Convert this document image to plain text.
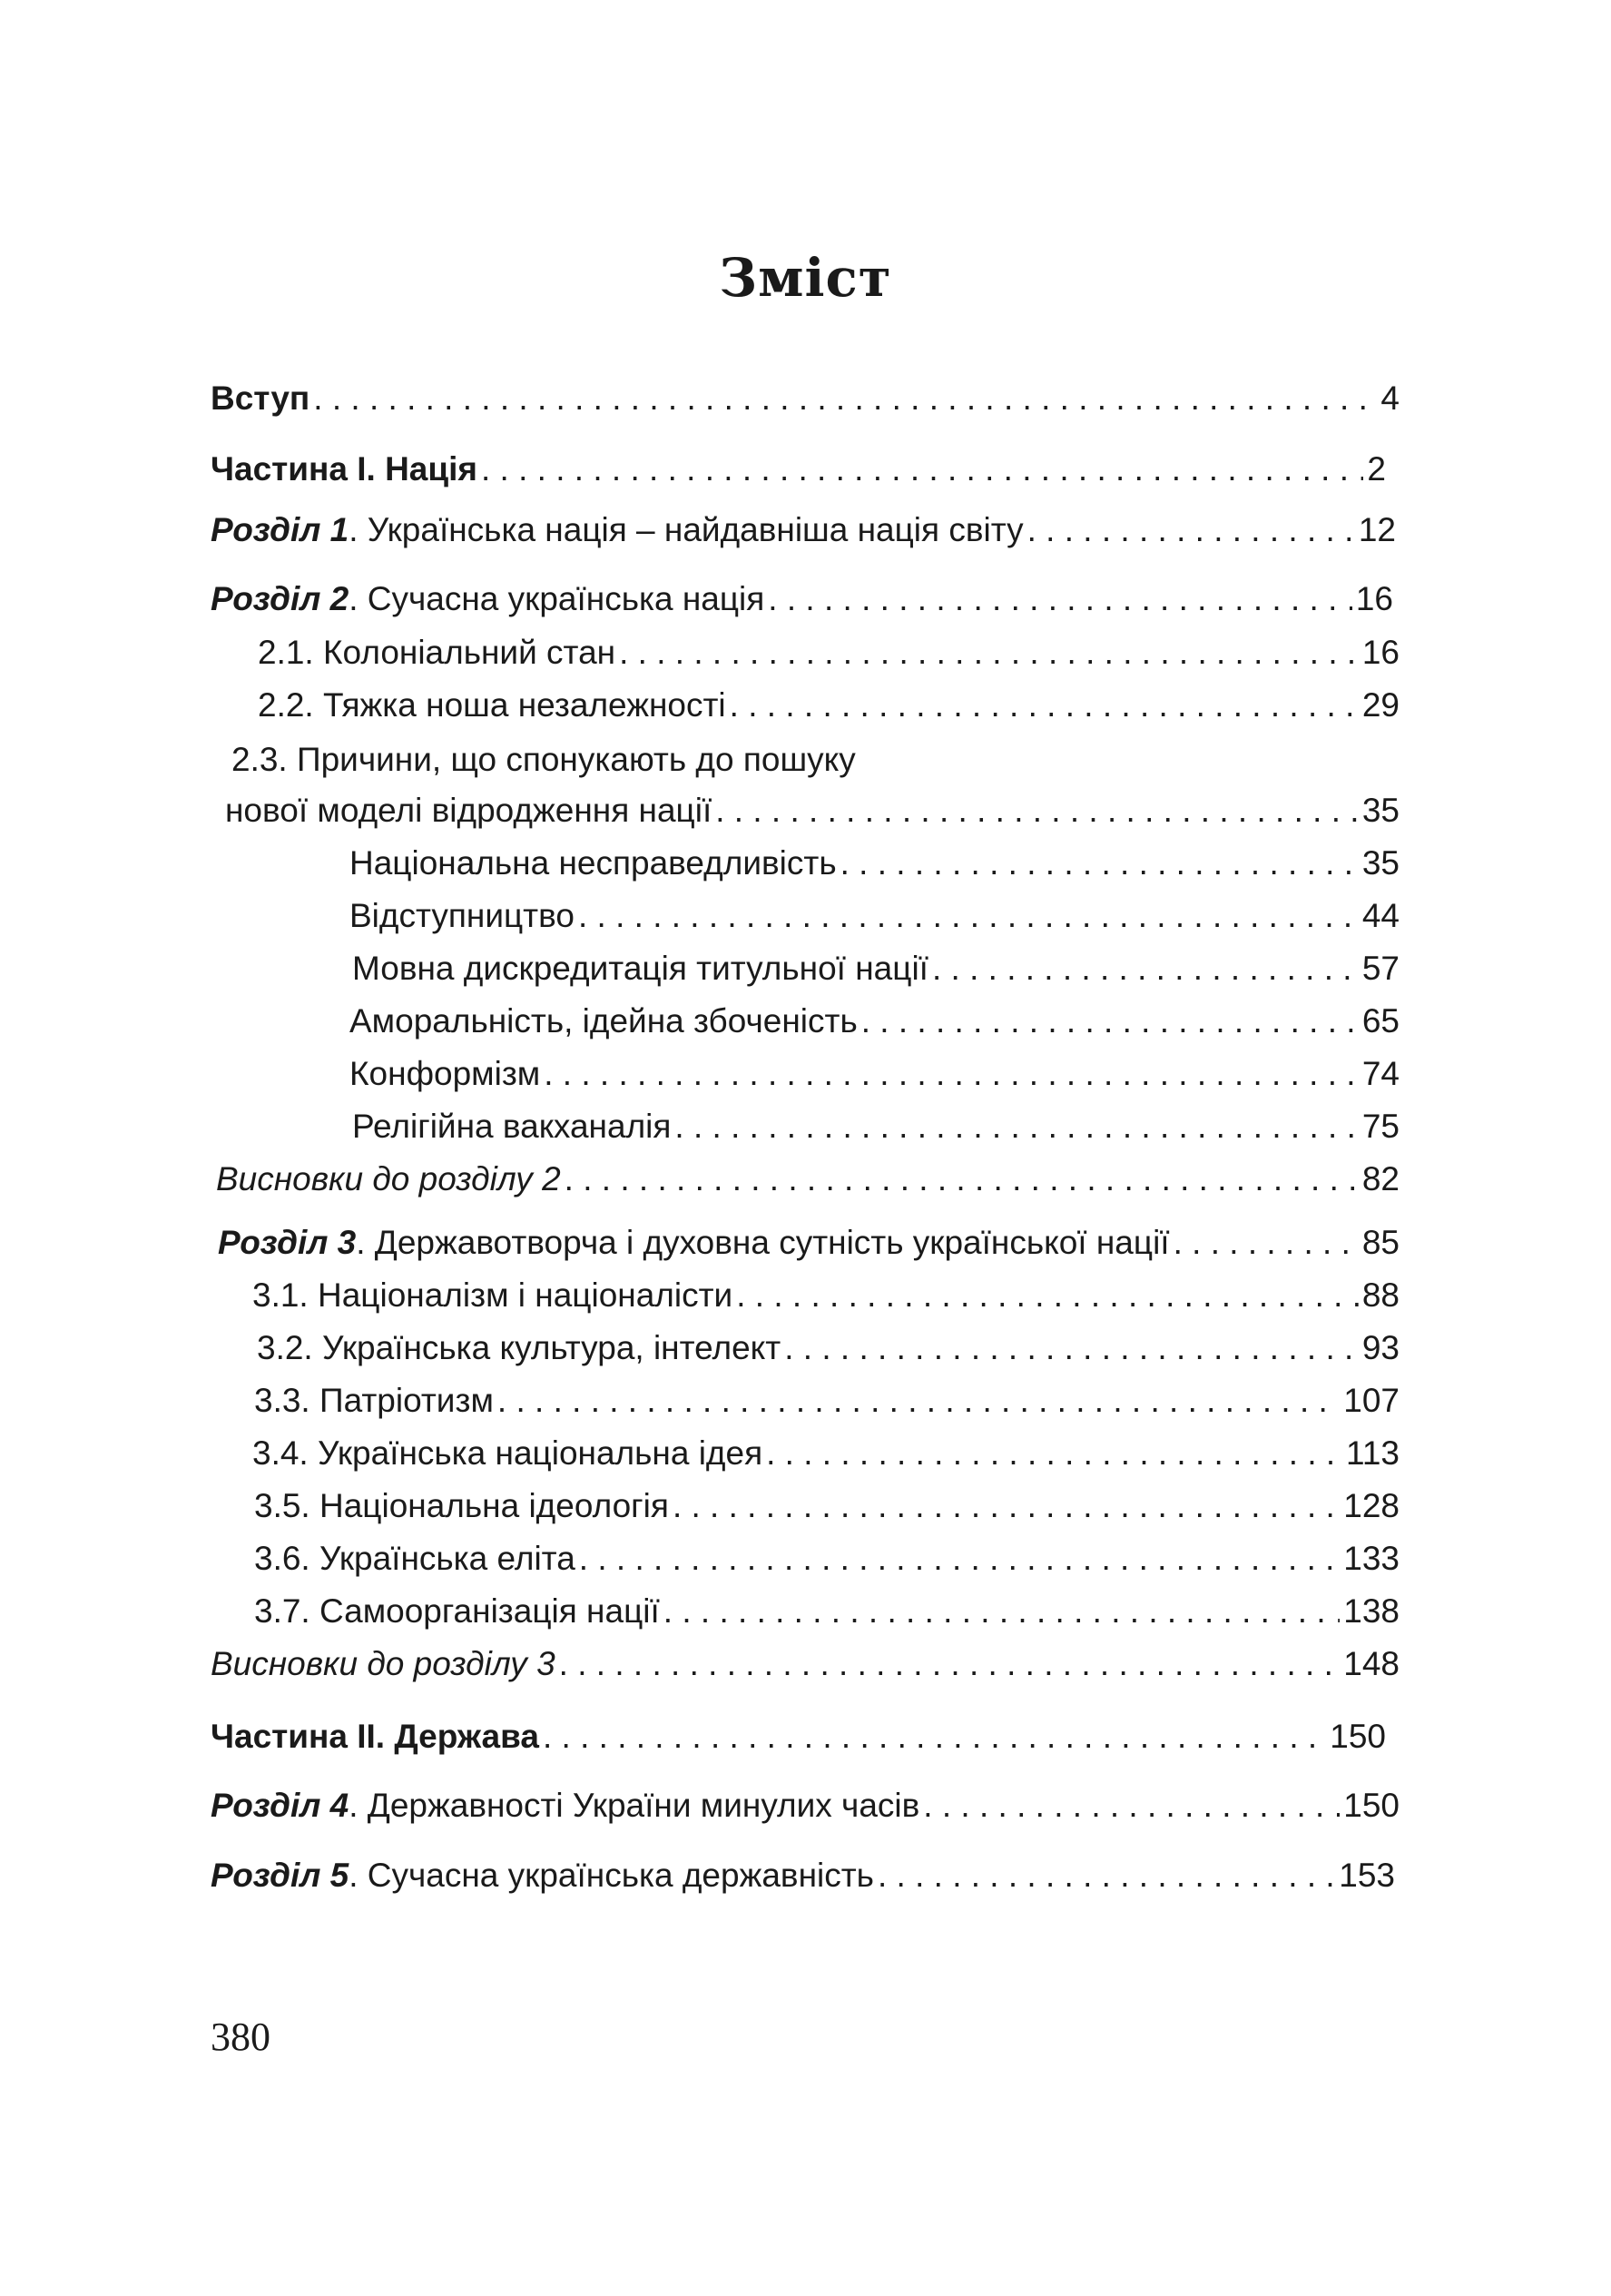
Зміст
Вступ . . .	4
Частина І. Нація . . .	2
Розділ 1 . Українська нація – найдавніша нація світу . . .	12
Розділ 2 . Сучасна українська нація . . .	16
2.1. Колоніальний стан . . .	16
2.2. Тяжка ноша незалежності . . .	29
2.3. Причини, що спонукають до пошуку
нової моделі відродження нації . . .	35
Національна несправедливість . . .	35
Відступництво . . .	44
Мовна дискредитація титульної нації . . .	57
Аморальність, ідейна збоченість . . .	65
Конформізм . . .	74
Релігійна вакханалія . . .	75
Висновки до розділу 2 . . .	82
Розділ 3 . Державотворча і духовна сутність української нації . . .	85
3.1. Націоналізм і націоналісти . . .	88
3.2. Українська культура, інтелект . . .	93
3.3. Патріотизм . . .	107
3.4. Українська національна ідея . . .	113
3.5. Національна ідеологія . . .	128
3.6. Українська еліта . . .	133
3.7. Самоорганізація нації . . .	138
Висновки до розділу 3 . . .	148
Частина ІІ. Держава . . .	150
Розділ 4 . Державності України минулих часів . . .	150
Розділ 5 . Сучасна українська державність . . .	153
380
